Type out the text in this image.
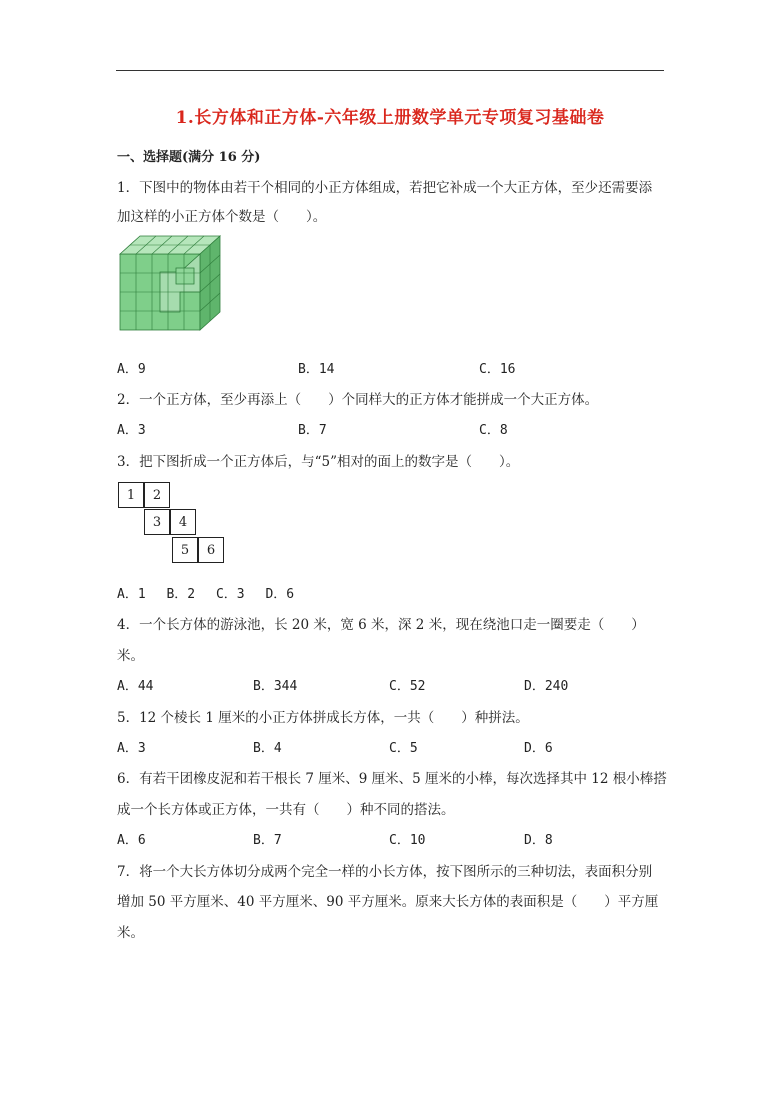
1.长方体和正方体-六年级上册数学单元专项复习基础卷
一、选择题(满分 16 分)
1．下图中的物体由若干个相同的小正方体组成，若把它补成一个大正方体，至少还需要添
加这样的小正方体个数是（　　）。
A．9	B．14	C．16
2．一个正方体，至少再添上（　　）个同样大的正方体才能拼成一个大正方体。
A．3	B．7	C．8
3．把下图折成一个正方体后，与“5”相对的面上的数字是（　　）。
1	2
3	4
5	6
A．1　 B．2　 C．3　 D．6
4．一个长方体的游泳池，长 20 米，宽 6 米，深 2 米，现在绕池口走一圈要走（　　）
米。
A．44	B．344	C．52	D．240
5．12 个棱长 1 厘米的小正方体拼成长方体，一共（　　）种拼法。
A．3	B．4	C．5	D．6
6．有若干团橡皮泥和若干根长 7 厘米、9 厘米、5 厘米的小棒，每次选择其中 12 根小棒搭
成一个长方体或正方体，一共有（　　）种不同的搭法。
A．6	B．7	C．10	D．8
7．将一个大长方体切分成两个完全一样的小长方体，按下图所示的三种切法，表面积分别
增加 50 平方厘米、40 平方厘米、90 平方厘米。原来大长方体的表面积是（　　）平方厘
米。
